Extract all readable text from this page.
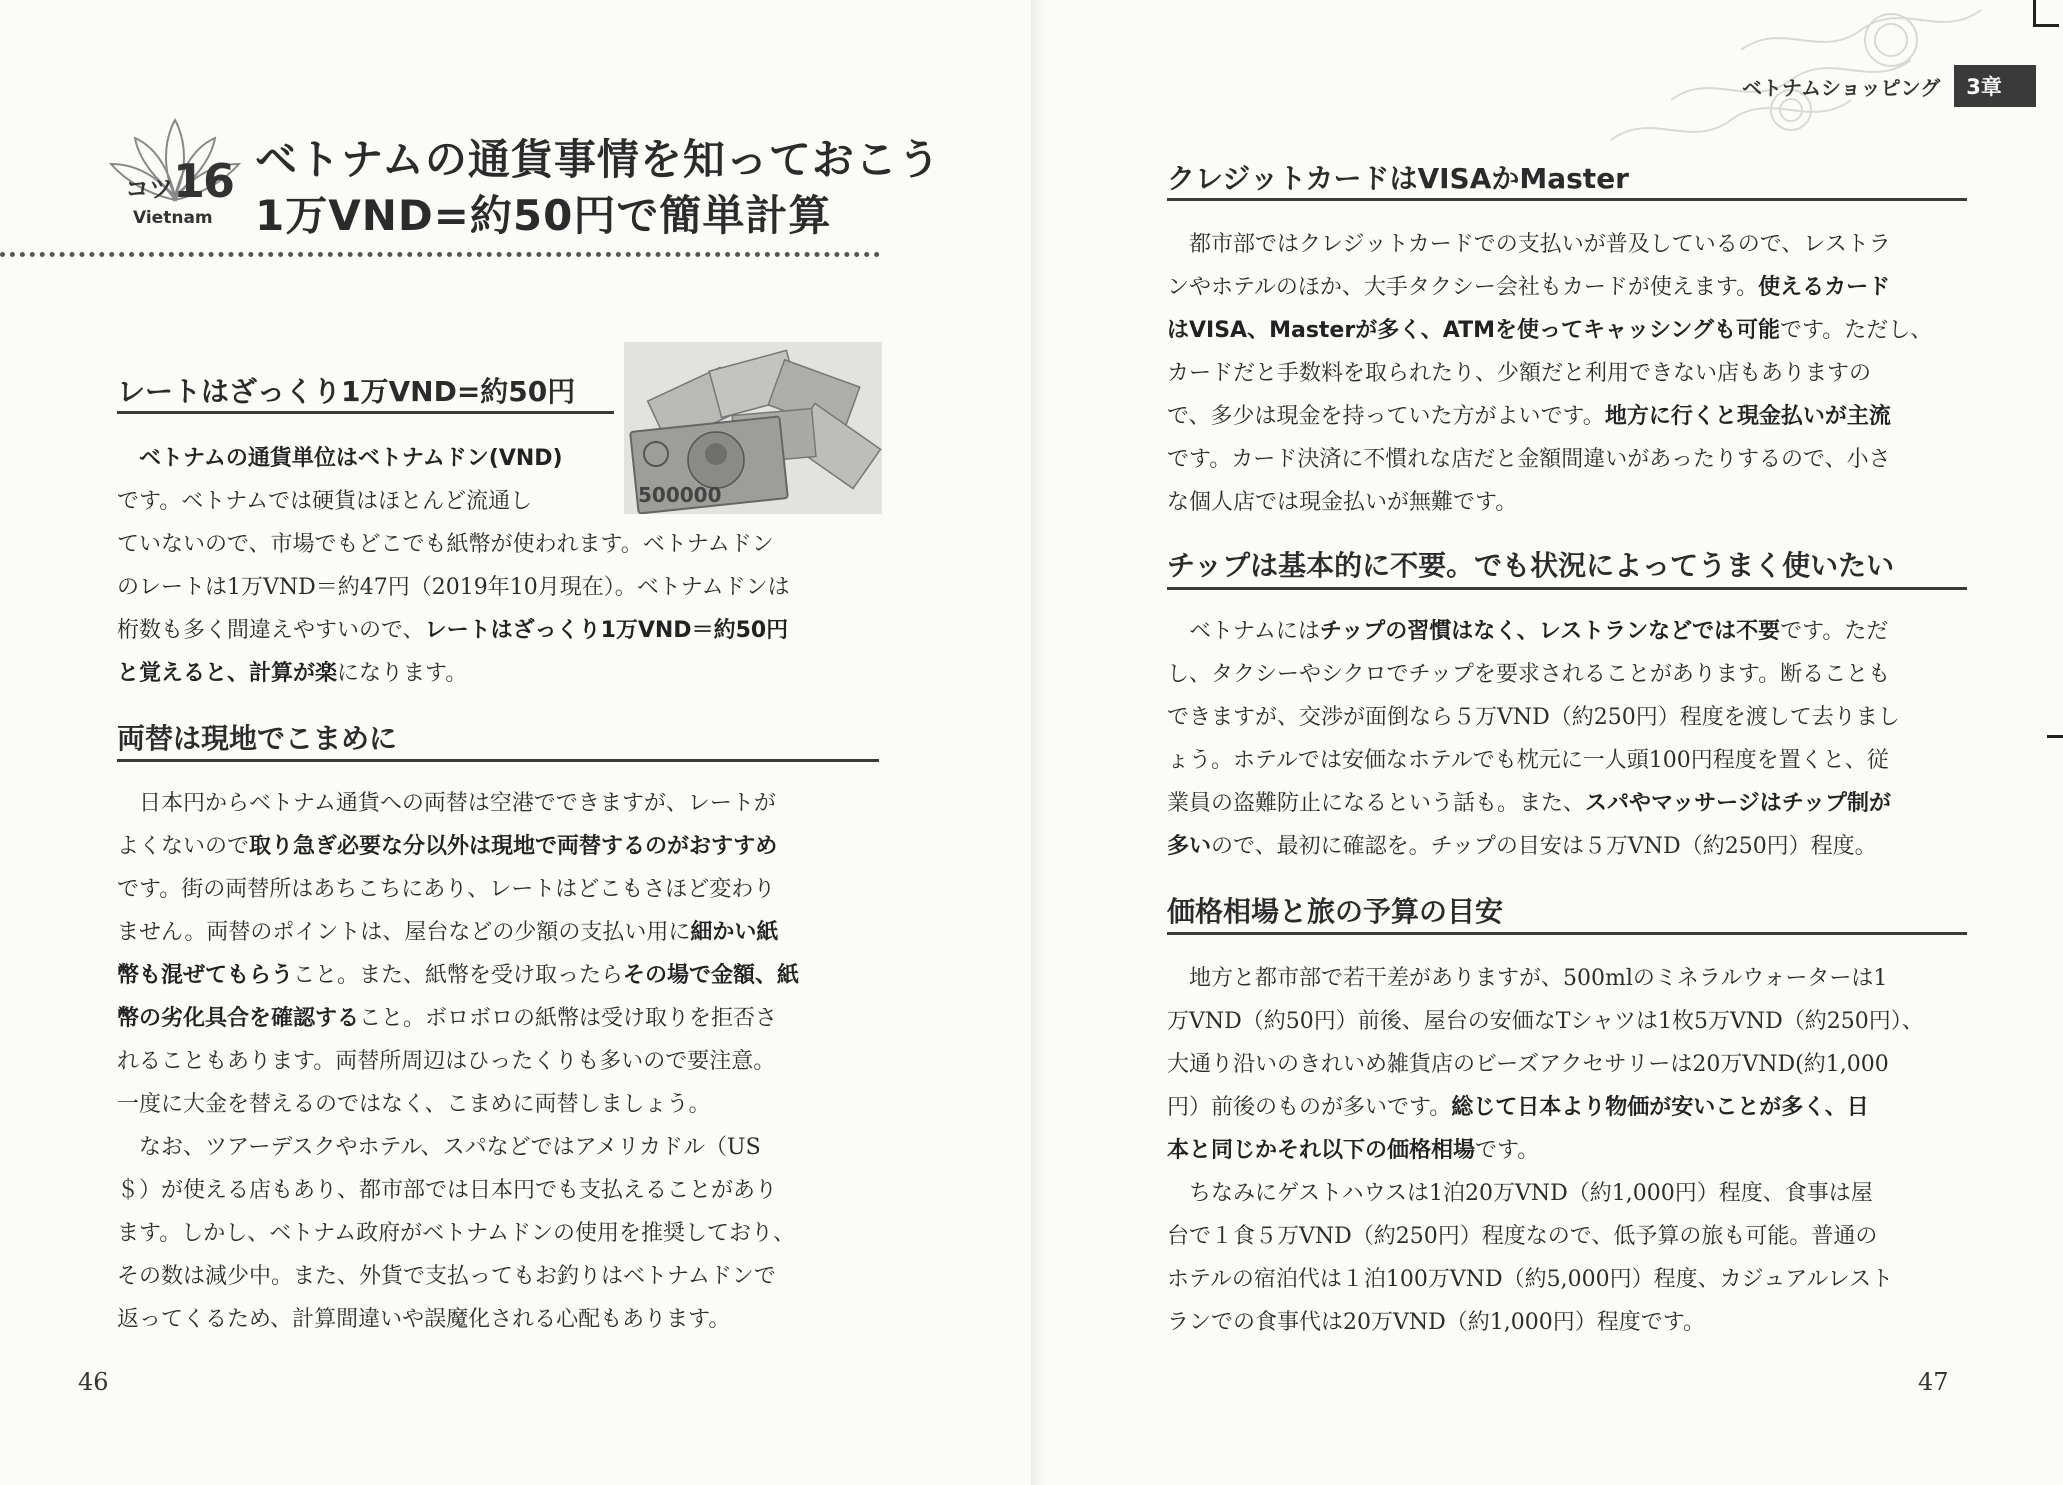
コツ16
Vietnam
ベトナムの通貨事情を知っておこう
1万VND=約50円で簡単計算
500000
レートはざっくり1万VND=約50円
　ベトナムの通貨単位はベトナムドン(VND)
です。ベトナムでは硬貨はほとんど流通し
ていないので、市場でもどこでも紙幣が使われます。ベトナムドン
のレートは1万VND＝約47円（2019年10月現在）。ベトナムドンは
桁数も多く間違えやすいので、レートはざっくり1万VND＝約50円
と覚えると、計算が楽になります。
両替は現地でこまめに
　日本円からベトナム通貨への両替は空港でできますが、レートが
よくないので取り急ぎ必要な分以外は現地で両替するのがおすすめ
です。街の両替所はあちこちにあり、レートはどこもさほど変わり
ません。両替のポイントは、屋台などの少額の支払い用に細かい紙
幣も混ぜてもらうこと。また、紙幣を受け取ったらその場で金額、紙
幣の劣化具合を確認すること。ボロボロの紙幣は受け取りを拒否さ
れることもあります。両替所周辺はひったくりも多いので要注意。
一度に大金を替えるのではなく、こまめに両替しましょう。
　なお、ツアーデスクやホテル、スパなどではアメリカドル（US
＄）が使える店もあり、都市部では日本円でも支払えることがあり
ます。しかし、ベトナム政府がベトナムドンの使用を推奨しており、
その数は減少中。また、外貨で支払ってもお釣りはベトナムドンで
返ってくるため、計算間違いや誤魔化される心配もあります。
46
ベトナムショッピング	3章
クレジットカードはVISAかMaster
　都市部ではクレジットカードでの支払いが普及しているので、レストラ
ンやホテルのほか、大手タクシー会社もカードが使えます。使えるカード
はVISA、Masterが多く、ATMを使ってキャッシングも可能です。ただし、
カードだと手数料を取られたり、少額だと利用できない店もありますの
で、多少は現金を持っていた方がよいです。地方に行くと現金払いが主流
です。カード決済に不慣れな店だと金額間違いがあったりするので、小さ
な個人店では現金払いが無難です。
チップは基本的に不要。でも状況によってうまく使いたい
　ベトナムにはチップの習慣はなく、レストランなどでは不要です。ただ
し、タクシーやシクロでチップを要求されることがあります。断ることも
できますが、交渉が面倒なら５万VND（約250円）程度を渡して去りまし
ょう。ホテルでは安価なホテルでも枕元に一人頭100円程度を置くと、従
業員の盗難防止になるという話も。また、スパやマッサージはチップ制が
多いので、最初に確認を。チップの目安は５万VND（約250円）程度。
価格相場と旅の予算の目安
　地方と都市部で若干差がありますが、500mlのミネラルウォーターは1
万VND（約50円）前後、屋台の安価なTシャツは1枚5万VND（約250円）、
大通り沿いのきれいめ雑貨店のビーズアクセサリーは20万VND(約1,000
円）前後のものが多いです。総じて日本より物価が安いことが多く、日
本と同じかそれ以下の価格相場です。
　ちなみにゲストハウスは1泊20万VND（約1,000円）程度、食事は屋
台で１食５万VND（約250円）程度なので、低予算の旅も可能。普通の
ホテルの宿泊代は１泊100万VND（約5,000円）程度、カジュアルレスト
ランでの食事代は20万VND（約1,000円）程度です。
47
